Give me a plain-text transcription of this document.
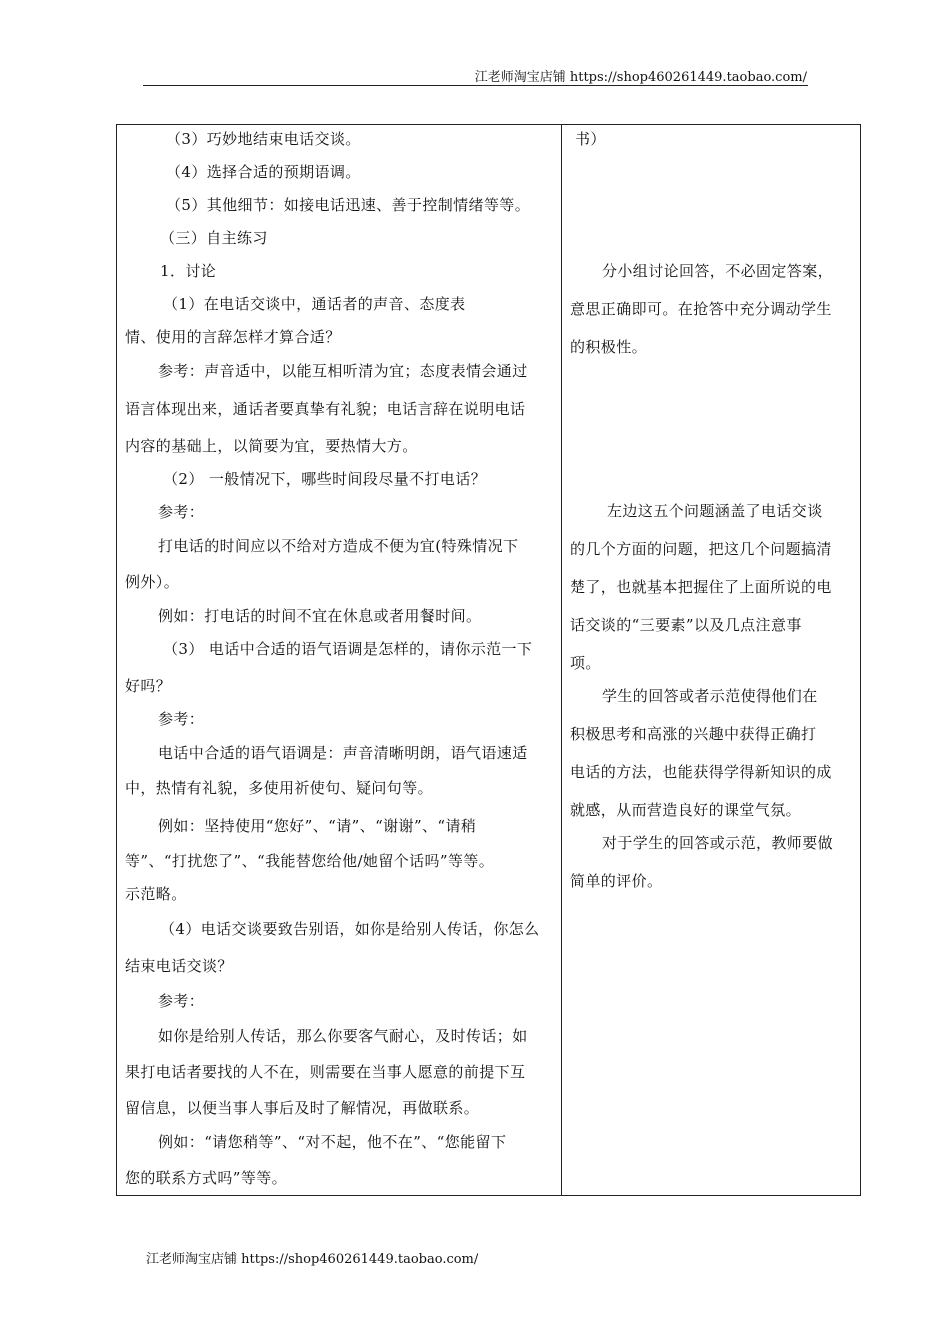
江老师淘宝店铺 https://shop460261449.taobao.com/
（3）巧妙地结束电话交谈。
（4）选择合适的预期语调。
（5）其他细节：如接电话迅速、善于控制情绪等等。
（三）自主练习
1．讨论
（1）在电话交谈中，通话者的声音、态度表
情、使用的言辞怎样才算合适？
参考：声音适中，以能互相听清为宜；态度表情会通过
语言体现出来，通话者要真挚有礼貌；电话言辞在说明电话
内容的基础上，以简要为宜，要热情大方。
（2） 一般情况下，哪些时间段尽量不打电话？
参考：
打电话的时间应以不给对方造成不便为宜(特殊情况下
例外）。
例如：打电话的时间不宜在休息或者用餐时间。
（3） 电话中合适的语气语调是怎样的，请你示范一下
好吗？
参考：
电话中合适的语气语调是：声音清晰明朗，语气语速适
中，热情有礼貌，多使用祈使句、疑问句等。
例如：坚持使用“您好”、“请”、“谢谢”、“请稍
等”、“打扰您了”、“我能替您给他/她留个话吗”等等。
示范略。
（4）电话交谈要致告别语，如你是给别人传话，你怎么
结束电话交谈？
参考：
如你是给别人传话，那么你要客气耐心，及时传话；如
果打电话者要找的人不在，则需要在当事人愿意的前提下互
留信息，以便当事人事后及时了解情况，再做联系。
例如：“请您稍等”、“对不起，他不在”、“您能留下
您的联系方式吗”等等。
书）
分小组讨论回答，不必固定答案，
意思正确即可。在抢答中充分调动学生
的积极性。
左边这五个问题涵盖了电话交谈
的几个方面的问题，把这几个问题搞清
楚了，也就基本把握住了上面所说的电
话交谈的“三要素”以及几点注意事
项。
学生的回答或者示范使得他们在
积极思考和高涨的兴趣中获得正确打
电话的方法，也能获得学得新知识的成
就感，从而营造良好的课堂气氛。
对于学生的回答或示范，教师要做
简单的评价。
江老师淘宝店铺 https://shop460261449.taobao.com/
